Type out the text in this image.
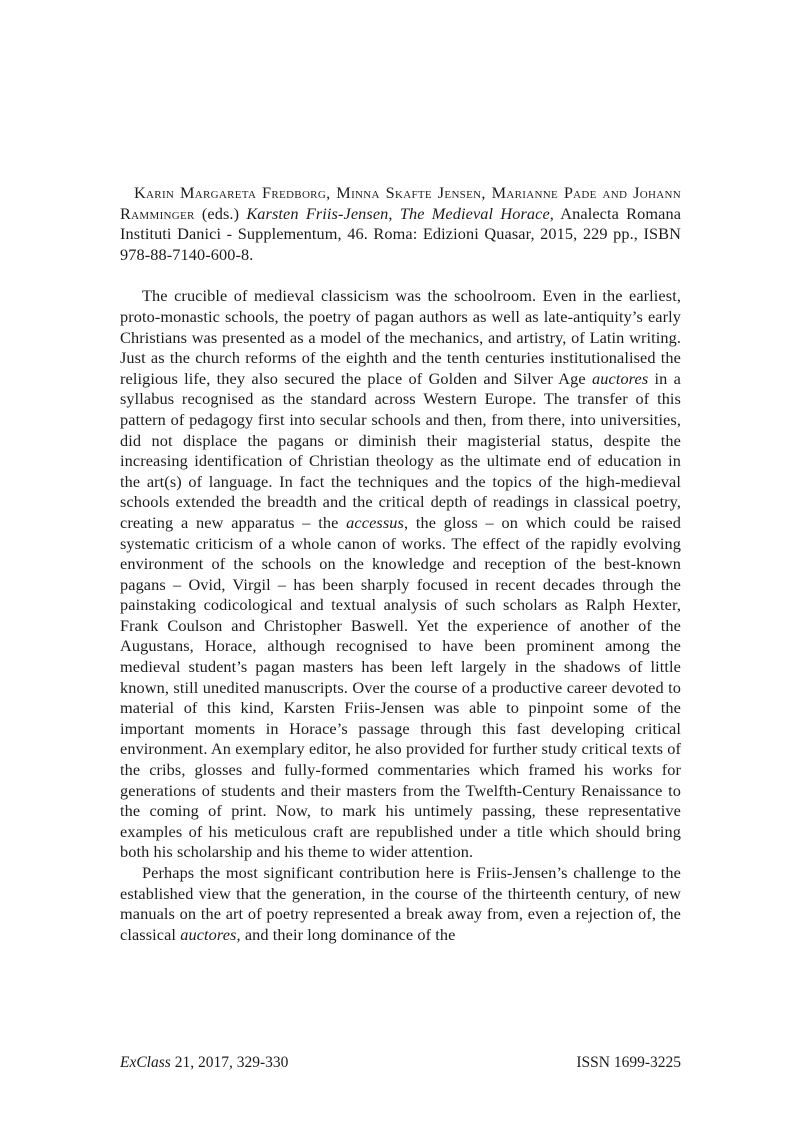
Karin Margareta Fredborg, Minna Skafte Jensen, Marianne Pade and Johann Ramminger (eds.) Karsten Friis-Jensen, The Medieval Horace, Analecta Romana Instituti Danici - Supplementum, 46. Roma: Edizioni Quasar, 2015, 229 pp., ISBN 978-88-7140-600-8.

The crucible of medieval classicism was the schoolroom. Even in the earliest, proto-monastic schools, the poetry of pagan authors as well as late-antiquity’s early Christians was presented as a model of the mechanics, and artistry, of Latin writing. Just as the church reforms of the eighth and the tenth centuries institutionalised the religious life, they also secured the place of Golden and Silver Age auctores in a syllabus recognised as the standard across Western Europe. The transfer of this pattern of pedagogy first into secular schools and then, from there, into universities, did not displace the pagans or diminish their magisterial status, despite the increasing identification of Christian theology as the ultimate end of education in the art(s) of language. In fact the techniques and the topics of the high-medieval schools extended the breadth and the critical depth of readings in classical poetry, creating a new apparatus – the accessus, the gloss – on which could be raised systematic criticism of a whole canon of works. The effect of the rapidly evolving environment of the schools on the knowledge and reception of the best-known pagans – Ovid, Virgil – has been sharply focused in recent decades through the painstaking codicological and textual analysis of such scholars as Ralph Hexter, Frank Coulson and Christopher Baswell. Yet the experience of another of the Augustans, Horace, although recognised to have been prominent among the medieval student’s pagan masters has been left largely in the shadows of little known, still unedited manuscripts. Over the course of a productive career devoted to material of this kind, Karsten Friis-Jensen was able to pinpoint some of the important moments in Horace’s passage through this fast developing critical environment. An exemplary editor, he also provided for further study critical texts of the cribs, glosses and fully-formed commentaries which framed his works for generations of students and their masters from the Twelfth-Century Renaissance to the coming of print. Now, to mark his untimely passing, these representative examples of his meticulous craft are republished under a title which should bring both his scholarship and his theme to wider attention.

Perhaps the most significant contribution here is Friis-Jensen’s challenge to the established view that the generation, in the course of the thirteenth century, of new manuals on the art of poetry represented a break away from, even a rejection of, the classical auctores, and their long dominance of the

ExClass 21, 2017, 329-330	ISSN 1699-3225
